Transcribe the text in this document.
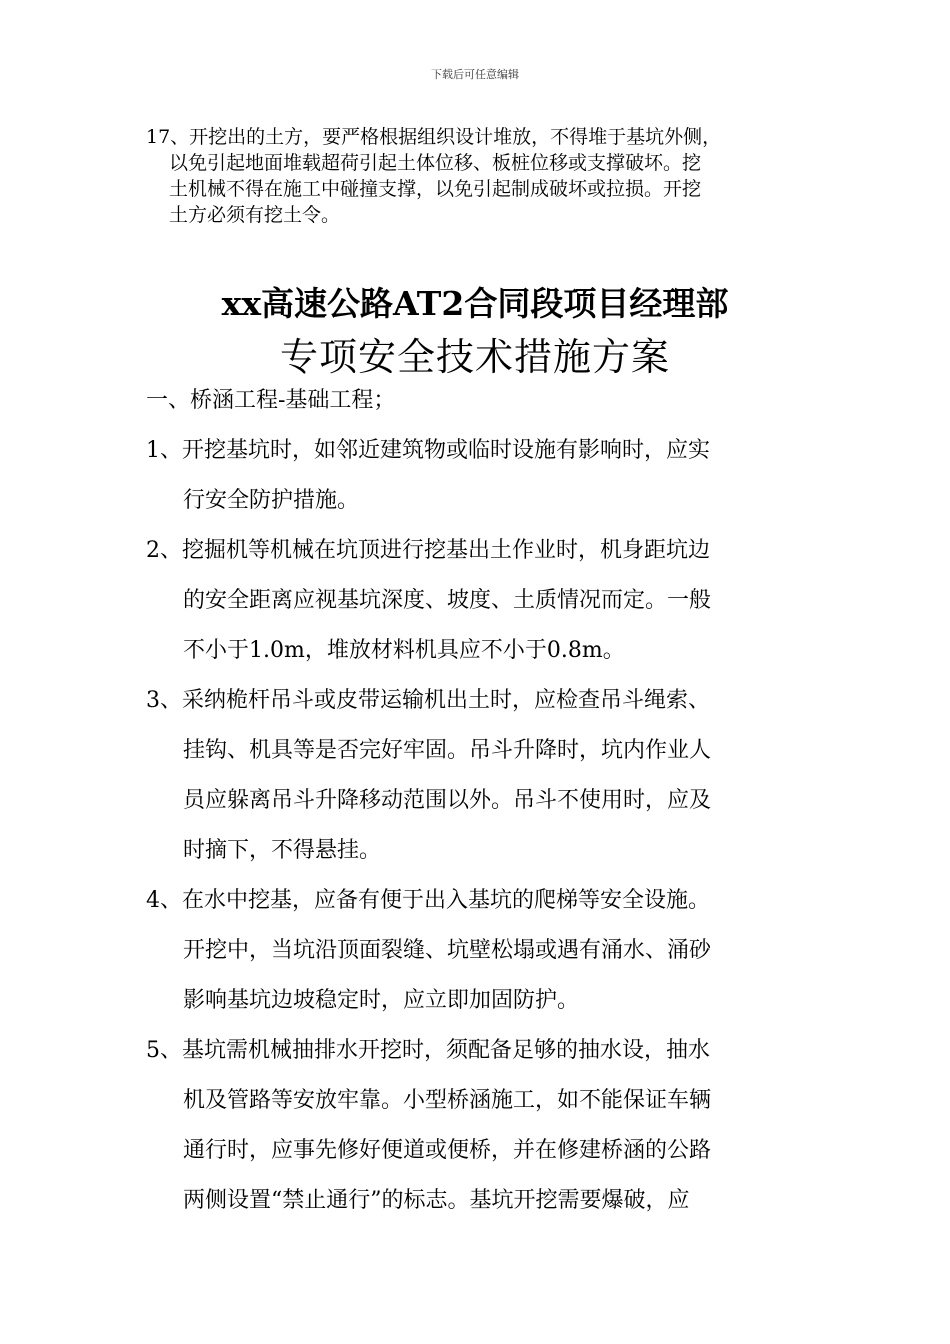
下载后可任意编辑
17、开挖出的土方，要严格根据组织设计堆放，不得堆于基坑外侧，
以免引起地面堆载超荷引起土体位移、板桩位移或支撑破坏。挖
土机械不得在施工中碰撞支撑，以免引起制成破坏或拉损。开挖
土方必须有挖土令。
xx高速公路AT2合同段项目经理部
专项安全技术措施方案
一、桥涵工程-基础工程；
1、开挖基坑时，如邻近建筑物或临时设施有影响时，应实
行安全防护措施。
2、挖掘机等机械在坑顶进行挖基出土作业时，机身距坑边
的安全距离应视基坑深度、坡度、土质情况而定。一般
不小于1.0m，堆放材料机具应不小于0.8m。
3、采纳桅杆吊斗或皮带运输机出土时，应检查吊斗绳索、
挂钩、机具等是否完好牢固。吊斗升降时，坑内作业人
员应躲离吊斗升降移动范围以外。吊斗不使用时，应及
时摘下，不得悬挂。
4、在水中挖基，应备有便于出入基坑的爬梯等安全设施。
开挖中，当坑沿顶面裂缝、坑壁松塌或遇有涌水、涌砂
影响基坑边坡稳定时，应立即加固防护。
5、基坑需机械抽排水开挖时，须配备足够的抽水设，抽水
机及管路等安放牢靠。小型桥涵施工，如不能保证车辆
通行时，应事先修好便道或便桥，并在修建桥涵的公路
两侧设置“禁止通行”的标志。基坑开挖需要爆破，应
